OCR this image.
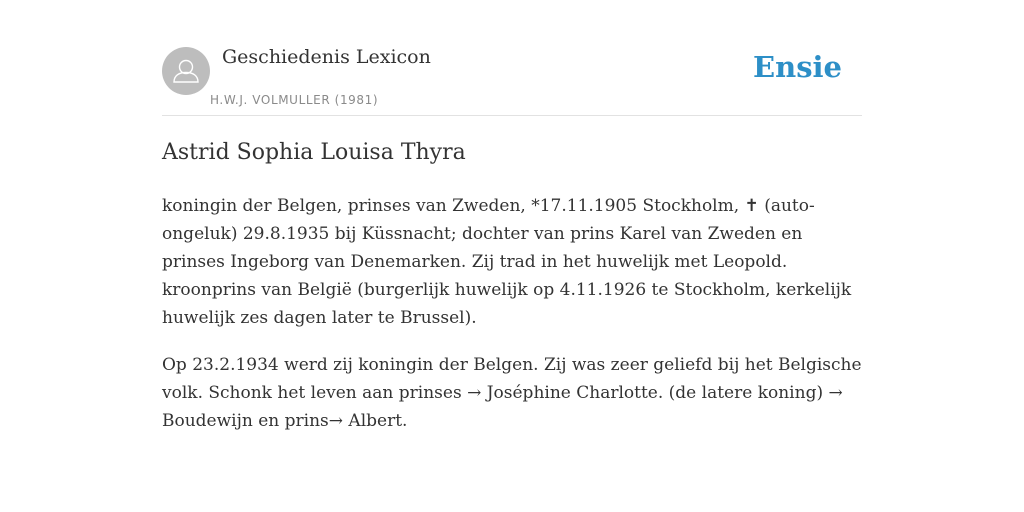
Geschiedenis Lexicon
H.W.J. VOLMULLER (1981)
Ensie
Astrid Sophia Louisa Thyra

koningin der Belgen, prinses van Zweden, *17.11.1905 Stockholm, ✝ (auto-ongeluk) 29.8.1935 bij Küssnacht; dochter van prins Karel van Zweden en prinses Ingeborg van Denemarken. Zij trad in het huwelijk met Leopold. kroonprins van België (burgerlijk huwelijk op 4.11.1926 te Stockholm, kerkelijk huwelijk zes dagen later te Brussel).

Op 23.2.1934 werd zij koningin der Belgen. Zij was zeer geliefd bij het Belgische volk. Schonk het leven aan prinses → Joséphine Charlotte. (de latere koning) → Boudewijn en prins→ Albert.
